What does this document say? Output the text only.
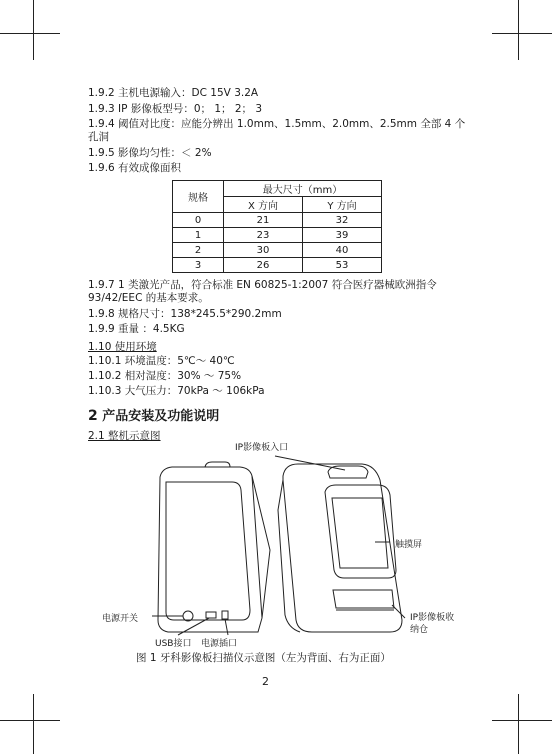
1.9.2 主机电源输入：DC 15V 3.2A
1.9.3 IP 影像板型号：0； 1； 2； 3
1.9.4 阈值对比度：应能分辨出 1.0mm、1.5mm、2.0mm、2.5mm 全部 4 个孔洞
1.9.5 影像均匀性：＜ 2%
1.9.6 有效成像面积
规格	最大尺寸（mm）	
	X 方向	Y 方向
0	21	32
1	23	39
2	30	40
3	26	53
1.9.7 1 类激光产品，符合标准 EN 60825-1:2007 符合医疗器械欧洲指令 93/42/EEC 的基本要求。
1.9.8 规格尺寸：138*245.5*290.2mm
1.9.9 重量 ：4.5KG
1.10 使用环境
1.10.1 环境温度：5℃～ 40℃
1.10.2 相对湿度：30% ～ 75%
1.10.3 大气压力：70kPa ～ 106kPa
2 产品安装及功能说明
2.1 整机示意图
IP影像板入口
触摸屏
电源开关
USB接口 电源插口
IP影像板收纳仓
图 1 牙科影像板扫描仪示意图（左为背面、右为正面）
2
